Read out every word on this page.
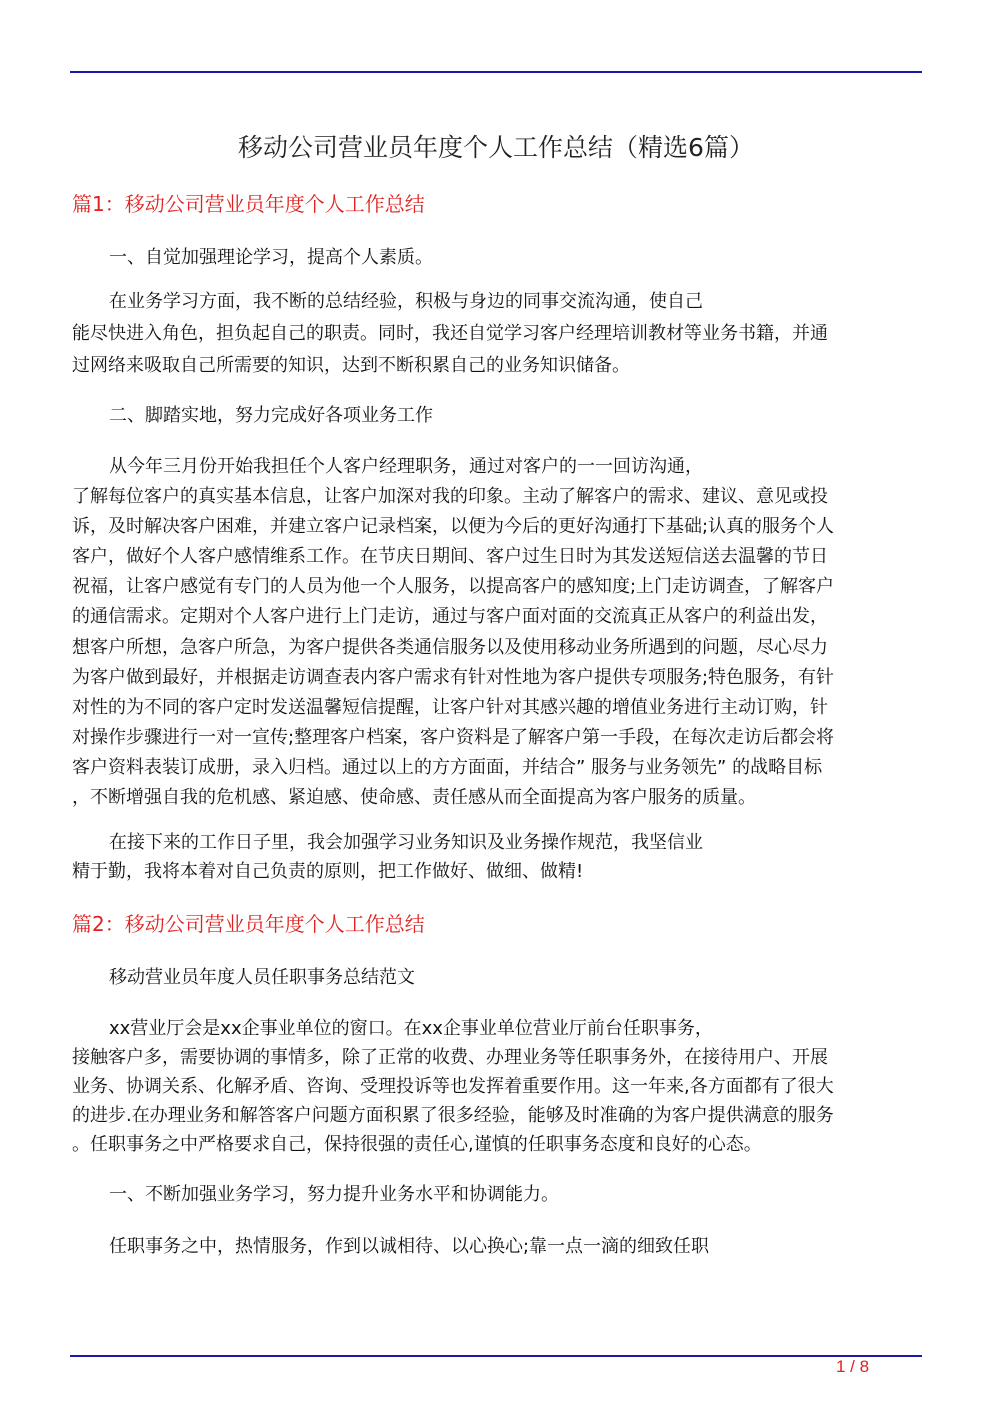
移动公司营业员年度个人工作总结（精选6篇）
篇1：移动公司营业员年度个人工作总结
一、自觉加强理论学习，提高个人素质。
在业务学习方面，我不断的总结经验，积极与身边的同事交流沟通，使自己
能尽快进入角色，担负起自己的职责。同时，我还自觉学习客户经理培训教材等业务书籍，并通
过网络来吸取自己所需要的知识，达到不断积累自己的业务知识储备。
二、脚踏实地，努力完成好各项业务工作
从今年三月份开始我担任个人客户经理职务，通过对客户的一一回访沟通，
了解每位客户的真实基本信息，让客户加深对我的印象。主动了解客户的需求、建议、意见或投
诉，及时解决客户困难，并建立客户记录档案，以便为今后的更好沟通打下基础;认真的服务个人
客户，做好个人客户感情维系工作。在节庆日期间、客户过生日时为其发送短信送去温馨的节日
祝福，让客户感觉有专门的人员为他一个人服务，以提高客户的感知度;上门走访调查，了解客户
的通信需求。定期对个人客户进行上门走访，通过与客户面对面的交流真正从客户的利益出发，
想客户所想，急客户所急，为客户提供各类通信服务以及使用移动业务所遇到的问题，尽心尽力
为客户做到最好，并根据走访调查表内客户需求有针对性地为客户提供专项服务;特色服务，有针
对性的为不同的客户定时发送温馨短信提醒，让客户针对其感兴趣的增值业务进行主动订购，针
对操作步骤进行一对一宣传;整理客户档案，客户资料是了解客户第一手段，在每次走访后都会将
客户资料表装订成册，录入归档。通过以上的方方面面，并结合” 服务与业务领先” 的战略目标
，不断增强自我的危机感、紧迫感、使命感、责任感从而全面提高为客户服务的质量。
在接下来的工作日子里，我会加强学习业务知识及业务操作规范，我坚信业
精于勤，我将本着对自己负责的原则，把工作做好、做细、做精!
篇2：移动公司营业员年度个人工作总结
移动营业员年度人员任职事务总结范文
xx营业厅会是xx企事业单位的窗口。在xx企事业单位营业厅前台任职事务，
接触客户多，需要协调的事情多，除了正常的收费、办理业务等任职事务外，在接待用户、开展
业务、协调关系、化解矛盾、咨询、受理投诉等也发挥着重要作用。这一年来,各方面都有了很大
的进步.在办理业务和解答客户问题方面积累了很多经验，能够及时准确的为客户提供满意的服务
。任职事务之中严格要求自己，保持很强的责任心,谨慎的任职事务态度和良好的心态。
一、不断加强业务学习，努力提升业务水平和协调能力。
任职事务之中，热情服务，作到以诚相待、以心换心;靠一点一滴的细致任职
1 / 8
